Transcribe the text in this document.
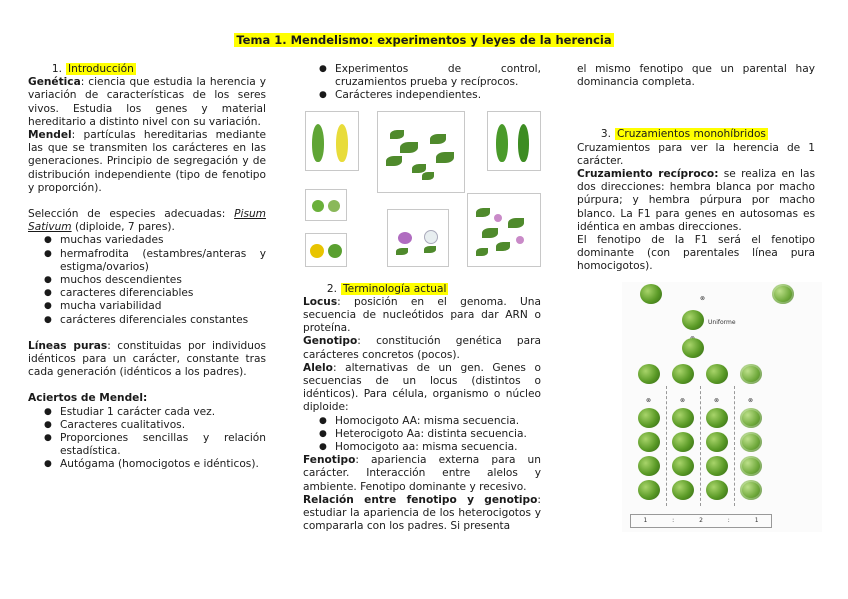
Tema 1. Mendelismo: experimentos y leyes de la herencia

1. Introducción

Genética: ciencia que estudia la herencia y variación de características de los seres vivos. Estudia los genes y material hereditario a distinto nivel con su variación.

Mendel: partículas hereditarias mediante las que se transmiten los carácteres en las generaciones. Principio de segregación y de distribución independiente (tipo de fenotipo y proporción).

Selección de especies adecuadas: Pisum Sativum (diploide, 7 pares).

● muchas variedades
● hermafrodita (estambres/anteras y estigma/ovarios)
● muchos descendientes
● caracteres diferenciables
● mucha variabilidad
● carácteres diferenciales constantes

Líneas puras: constituidas por individuos idénticos para un carácter, constante tras cada generación (idénticos a los padres).

Aciertos de Mendel:

● Estudiar 1 carácter cada vez.
● Caracteres cualitativos.
● Proporciones sencillas y relación estadística.
● Autógama (homocigotos e idénticos).
● Experimentos de control, cruzamientos prueba y recíprocos.
● Carácteres independientes.

2. Terminología actual

Locus: posición en el genoma. Una secuencia de nucleótidos para dar ARN o proteína.

Genotipo: constitución genética para carácteres concretos (pocos).

Alelo: alternativas de un gen. Genes o secuencias de un locus (distintos o idénticos). Para célula, organismo o núcleo diploide:

● Homocigoto AA: misma secuencia.
● Heterocigoto Aa: distinta secuencia.
● Homocigoto aa: misma secuencia.

Fenotipo: apariencia externa para un carácter. Interacción entre alelos y ambiente. Fenotipo dominante y recesivo.

Relación entre fenotipo y genotipo: estudiar la apariencia de los heterocigotos y compararla con los padres. Si presenta

el mismo fenotipo que un parental hay dominancia completa.

3. Cruzamientos monohíbridos

Cruzamientos para ver la herencia de 1 carácter.

Cruzamiento recíproco: se realiza en las dos direcciones: hembra blanca por macho púrpura; y hembra púrpura por macho blanco. La F1 para genes en autosomas es idéntica en ambas direcciones.

El fenotipo de la F1 será el fenotipo dominante (con parentales línea pura homocigotos).

⊗
Uniforme
⊗	⊗	⊗	⊗
1	:	2	:	1
